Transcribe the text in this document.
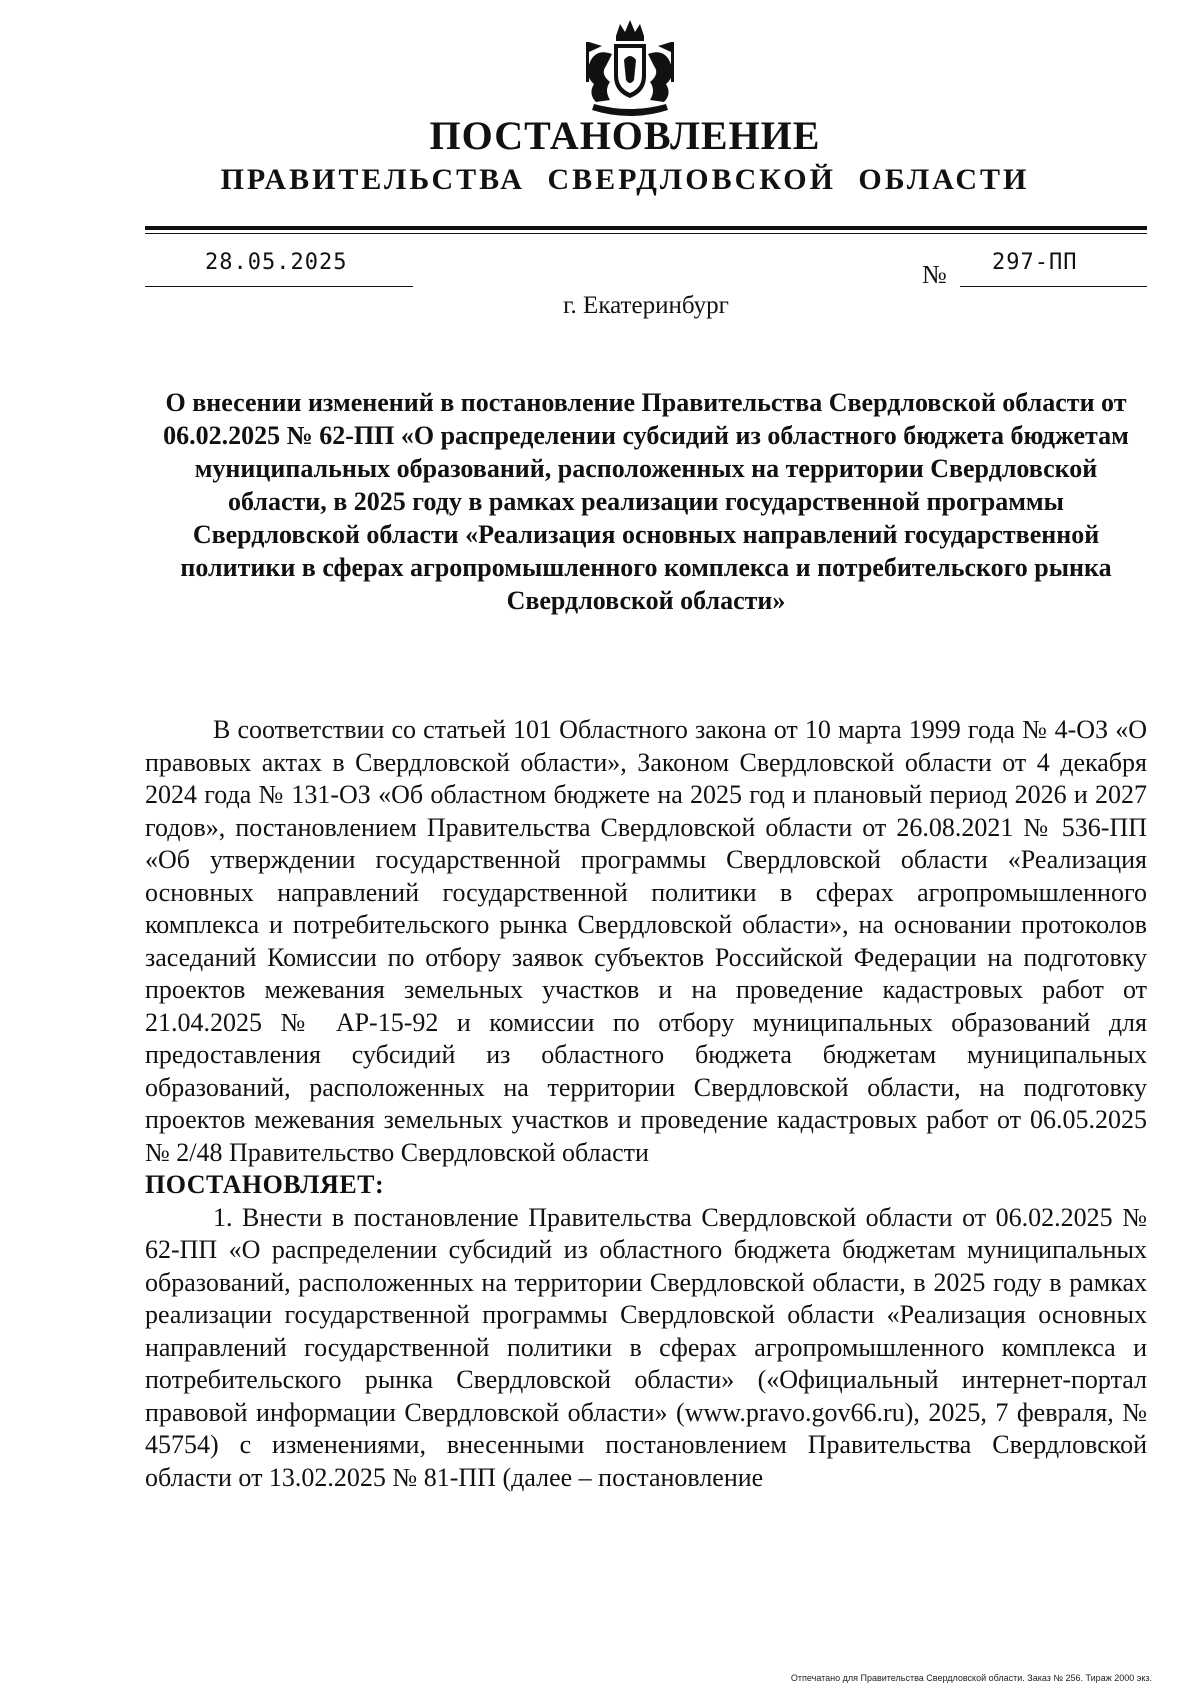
ПОСТАНОВЛЕНИЕ
ПРАВИТЕЛЬСТВА СВЕРДЛОВСКОЙ ОБЛАСТИ
28.05.2025	№ 297-ПП
г. Екатеринбург
О внесении изменений в постановление Правительства Свердловской области от 06.02.2025 № 62-ПП «О распределении субсидий из областного бюджета бюджетам муниципальных образований, расположенных на территории Свердловской области, в 2025 году в рамках реализации государственной программы Свердловской области «Реализация основных направлений государственной политики в сферах агропромышленного комплекса и потребительского рынка Свердловской области»

В соответствии со статьей 101 Областного закона от 10 марта 1999 года № 4-ОЗ «О правовых актах в Свердловской области», Законом Свердловской области от 4 декабря 2024 года № 131-ОЗ «Об областном бюджете на 2025 год и плановый период 2026 и 2027 годов», постановлением Правительства Свердловской области от 26.08.2021 № 536-ПП «Об утверждении государственной программы Свердловской области «Реализация основных направлений государственной политики в сферах агропромышленного комплекса и потребительского рынка Свердловской области», на основании протоколов заседаний Комиссии по отбору заявок субъектов Российской Федерации на подготовку проектов межевания земельных участков и на проведение кадастровых работ от 21.04.2025 № АР-15-92 и комиссии по отбору муниципальных образований для предоставления субсидий из областного бюджета бюджетам муниципальных образований, расположенных на территории Свердловской области, на подготовку проектов межевания земельных участков и проведение кадастровых работ от 06.05.2025 № 2/48 Правительство Свердловской области

ПОСТАНОВЛЯЕТ:

1. Внести в постановление Правительства Свердловской области от 06.02.2025 № 62-ПП «О распределении субсидий из областного бюджета бюджетам муниципальных образований, расположенных на территории Свердловской области, в 2025 году в рамках реализации государственной программы Свердловской области «Реализация основных направлений государственной политики в сферах агропромышленного комплекса и потребительского рынка Свердловской области» («Официальный интернет-портал правовой информации Свердловской области» (www.pravo.gov66.ru), 2025, 7 февраля, № 45754) с изменениями, внесенными постановлением Правительства Свердловской области от 13.02.2025 № 81-ПП (далее – постановление

Отпечатано для Правительства Свердловской области. Заказ № 256. Тираж 2000 экз.
